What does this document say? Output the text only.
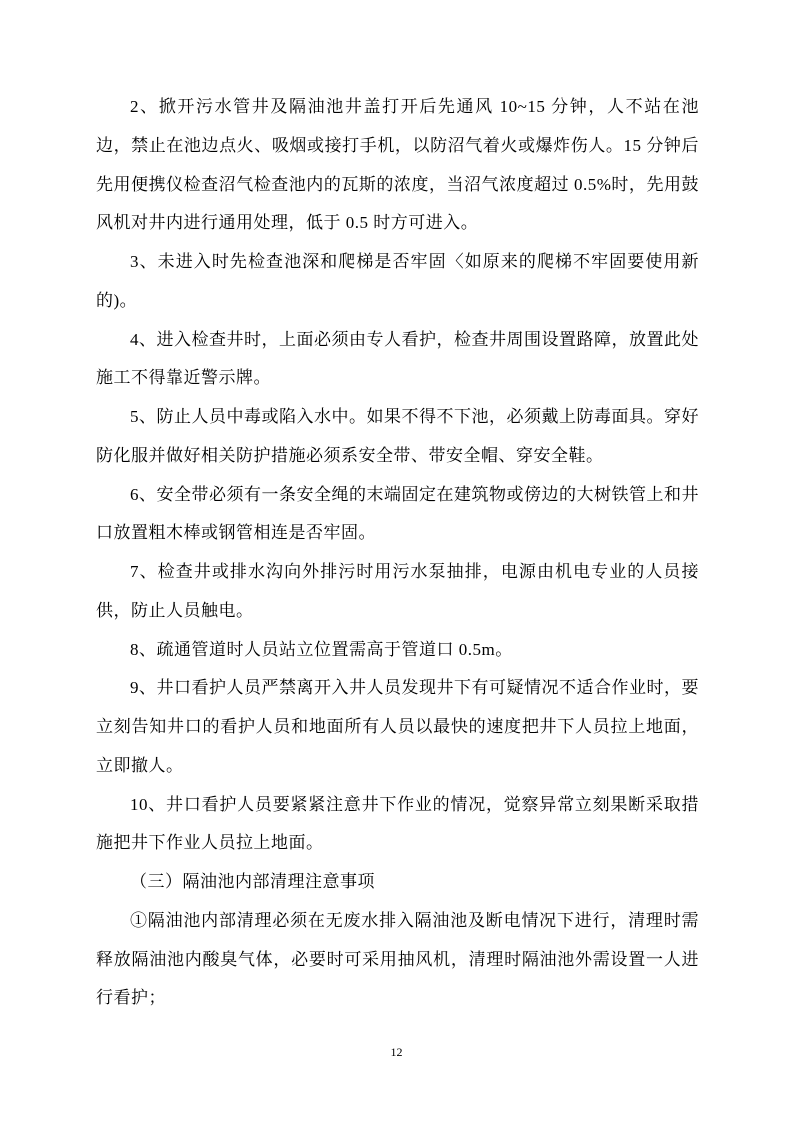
2、掀开污水管井及隔油池井盖打开后先通风 10~15 分钟，人不站在池边，禁止在池边点火、吸烟或接打手机，以防沼气着火或爆炸伤人。15 分钟后先用便携仪检查沼气检查池内的瓦斯的浓度，当沼气浓度超过 0.5%时，先用鼓风机对井内进行通用处理，低于 0.5 时方可进入。

3、未进入时先检查池深和爬梯是否牢固〈如原来的爬梯不牢固要使用新的)。

4、进入检查井时，上面必须由专人看护，检查井周围设置路障，放置此处施工不得靠近警示牌。

5、防止人员中毒或陷入水中。如果不得不下池，必须戴上防毒面具。穿好防化服并做好相关防护措施必须系安全带、带安全帽、穿安全鞋。

6、安全带必须有一条安全绳的末端固定在建筑物或傍边的大树铁管上和井口放置粗木棒或钢管相连是否牢固。

7、检查井或排水沟向外排污时用污水泵抽排，电源由机电专业的人员接供，防止人员触电。

8、疏通管道时人员站立位置需高于管道口 0.5m。

9、井口看护人员严禁离开入井人员发现井下有可疑情况不适合作业时，要立刻告知井口的看护人员和地面所有人员以最快的速度把井下人员拉上地面，立即撤人。

10、井口看护人员要紧紧注意井下作业的情况，觉察异常立刻果断采取措施把井下作业人员拉上地面。

（三）隔油池内部清理注意事项

①隔油池内部清理必须在无废水排入隔油池及断电情况下进行，清理时需释放隔油池内酸臭气体，必要时可采用抽风机，清理时隔油池外需设置一人进行看护；

12
